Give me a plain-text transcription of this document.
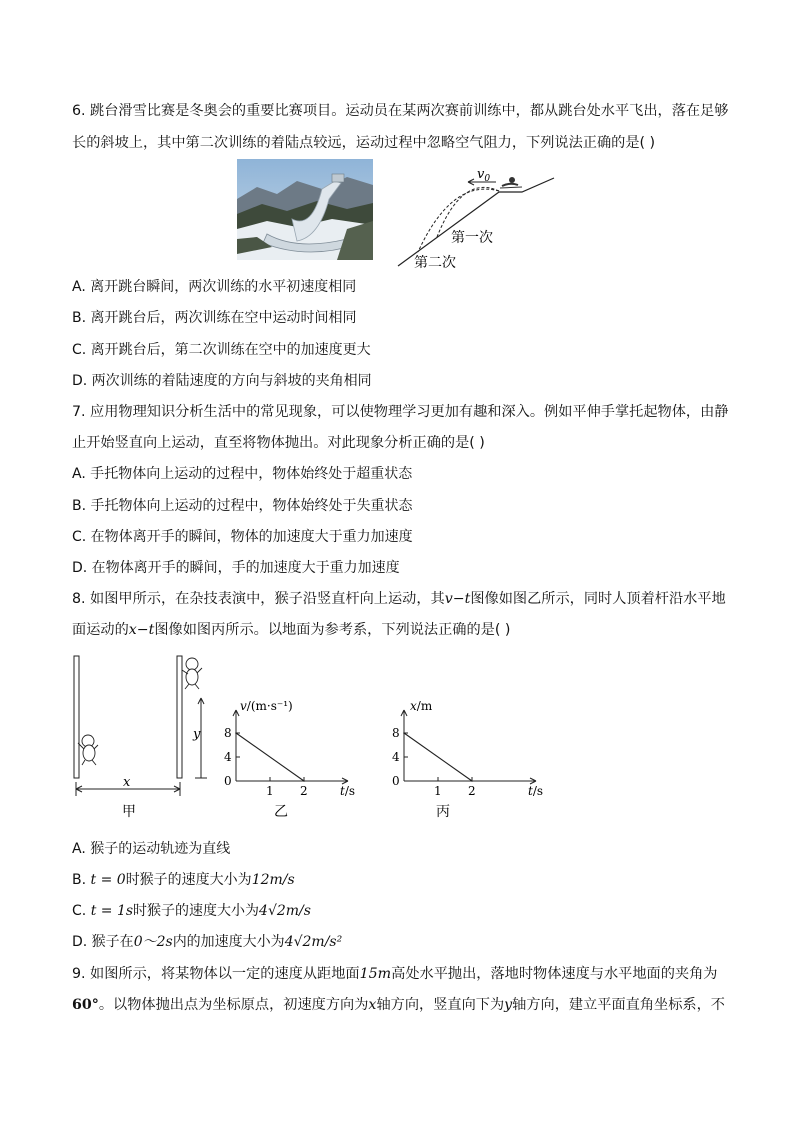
6. 跳台滑雪比赛是冬奥会的重要比赛项目。运动员在某两次赛前训练中，都从跳台处水平飞出，落在足够
长的斜坡上，其中第二次训练的着陆点较远，运动过程中忽略空气阻力，下列说法正确的是( )
$v_0$
第一次
第二次
A. 离开跳台瞬间，两次训练的水平初速度相同
B. 离开跳台后，两次训练在空中运动时间相同
C. 离开跳台后，第二次训练在空中的加速度更大
D. 两次训练的着陆速度的方向与斜坡的夹角相同
7. 应用物理知识分析生活中的常见现象，可以使物理学习更加有趣和深入。例如平伸手掌托起物体，由静
止开始竖直向上运动，直至将物体抛出。对此现象分析正确的是( )
A. 手托物体向上运动的过程中，物体始终处于超重状态
B. 手托物体向上运动的过程中，物体始终处于失重状态
C. 在物体离开手的瞬间，物体的加速度大于重力加速度
D. 在物体离开手的瞬间，手的加速度大于重力加速度
8. 如图甲所示，在杂技表演中，猴子沿竖直杆向上运动，其v−t图像如图乙所示，同时人顶着杆沿水平地
面运动的x−t图像如图丙所示。以地面为参考系，下列说法正确的是( )
y
x
甲
1 2
8
4
0
t/s
v/(m·s⁻¹)
乙
1 2
8
4
0
t/s
x/m
丙
A. 猴子的运动轨迹为直线
B. t = 0时猴子的速度大小为12m/s
C. t = 1s时猴子的速度大小为4√2m/s
D. 猴子在0～2s内的加速度大小为4√2m/s²
9. 如图所示，将某物体以一定的速度从距地面15m高处水平抛出，落地时物体速度与水平地面的夹角为
60°。以物体抛出点为坐标原点，初速度方向为x轴方向，竖直向下为y轴方向，建立平面直角坐标系，不
